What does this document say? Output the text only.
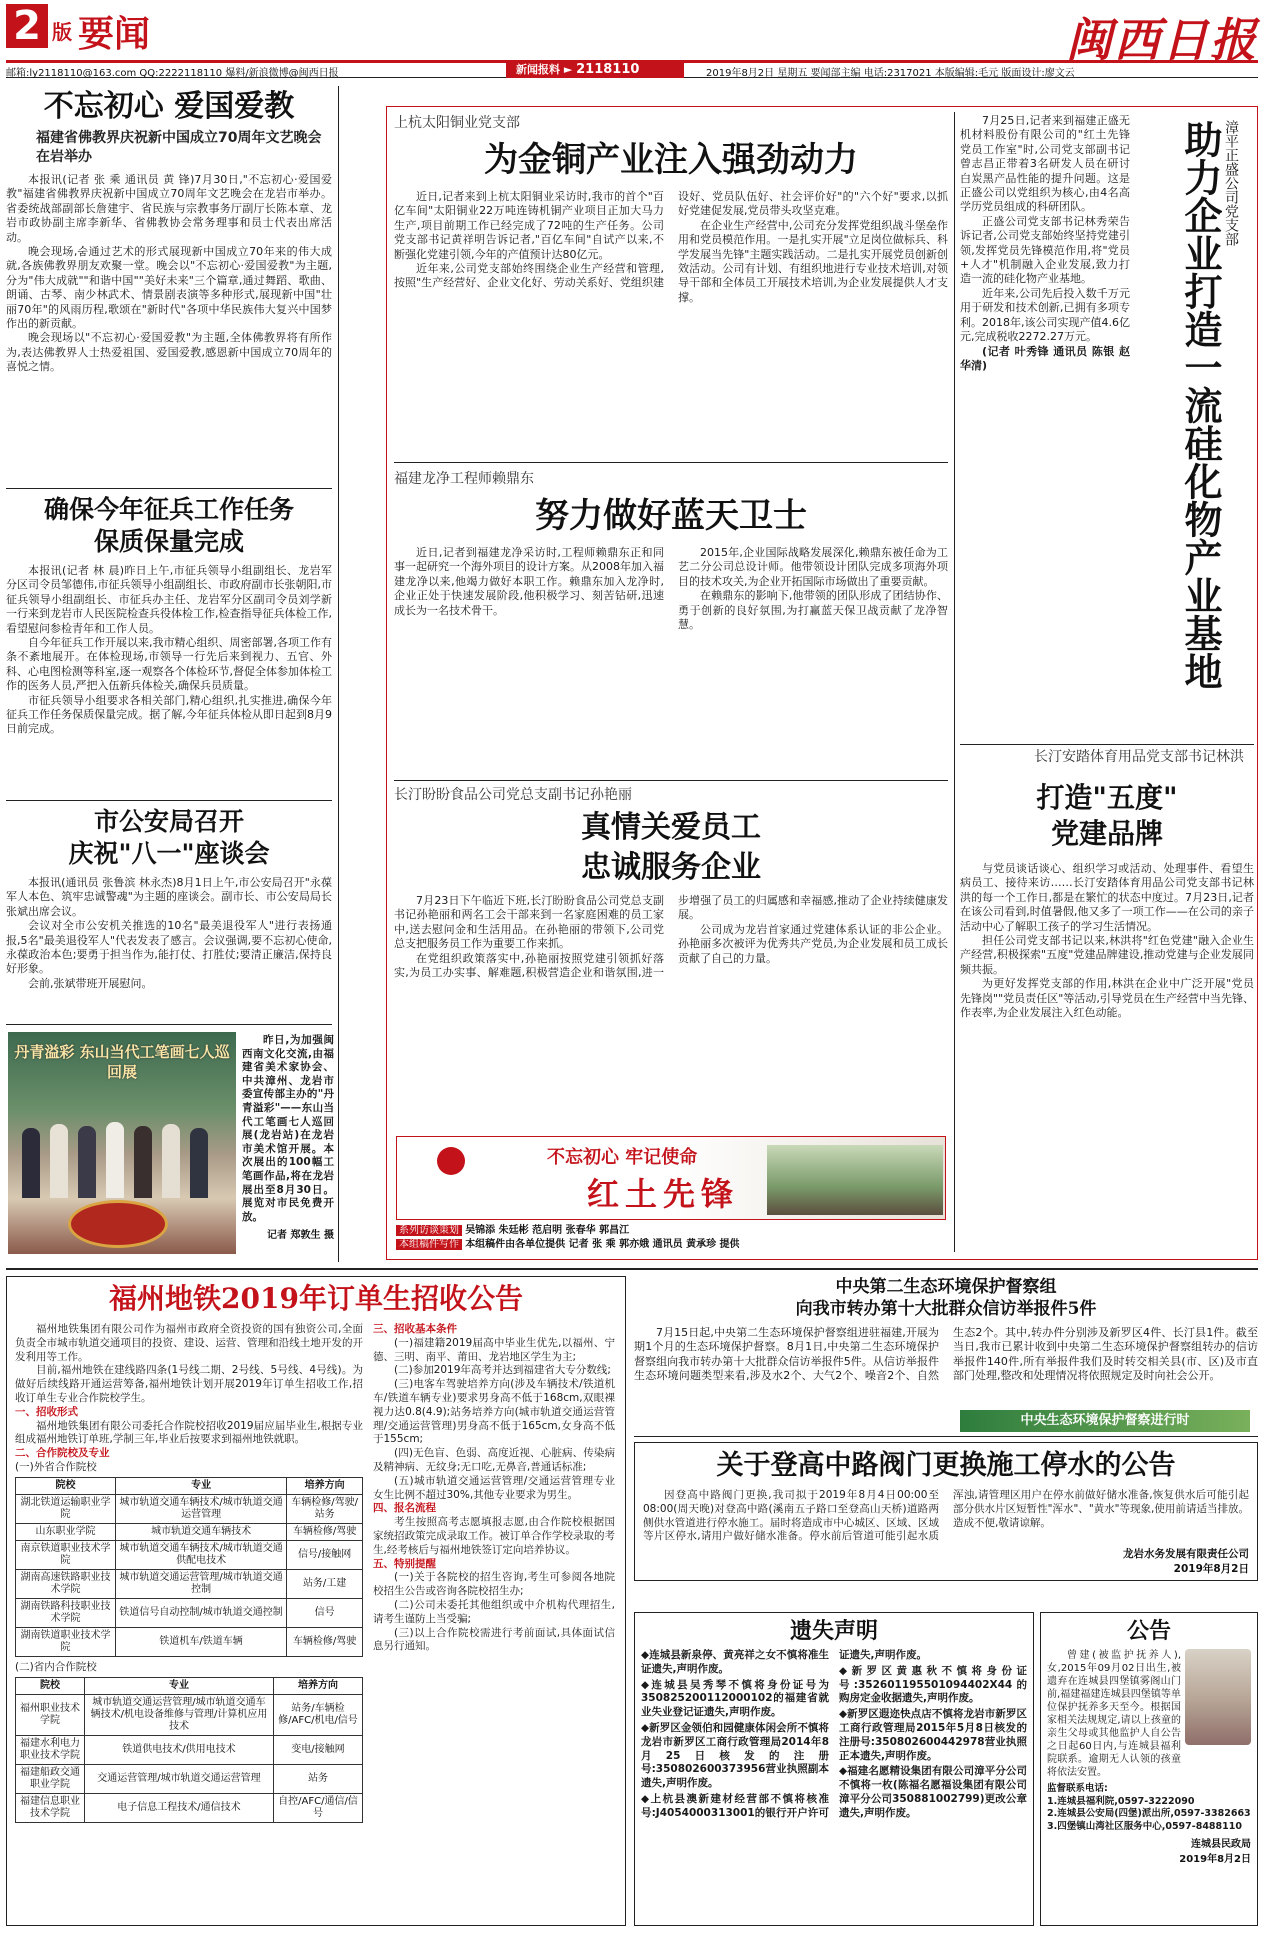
2 版 要闻	闽西日报
邮箱:ly2118110@163.com QQ:2222118110 爆料/新浪微博@闽西日报	新闻报料 ► 2118110	2019年8月2日 星期五 要闻部主编 电话:2317021 本版编辑:毛元 版面设计:廖文云
不忘初心 爱国爱教
福建省佛教界庆祝新中国成立70周年文艺晚会在岩举办

本报讯(记者 张 乘 通讯员 黄 锋)7月30日,"不忘初心·爱国爱教"福建省佛教界庆祝新中国成立70周年文艺晚会在龙岩市举办。省委统战部副部长詹建宇、省民族与宗教事务厅副厅长陈本章、龙岩市政协副主席李新华、省佛教协会常务理事和员士代表出席活动。

晚会现场,숨通过艺术的形式展现新中国成立70年来的伟大成就,各族佛教界朋友欢聚一堂。晚会以"不忘初心·爱国爱教"为主题,分为"伟大成就""和谐中国""美好未来"三个篇章,通过舞蹈、歌曲、朗诵、古琴、南少林武术、情景剧表演等多种形式,展现新中国"壮丽70年"的风雨历程,歌颂在"新时代"各项中华民族伟大复兴中国梦作出的新贡献。

晚会现场以"不忘初心·爱国爱教"为主题,全体佛教界将有所作为,表达佛教界人士热爱祖国、爱国爱教,感恩新中国成立70周年的喜悦之情。

确保今年征兵工作任务
保质保量完成

本报讯(记者 林 晨)昨日上午,市征兵领导小组副组长、龙岩军分区司令员邹德伟,市征兵领导小组副组长、市政府副市长张朝阳,市征兵领导小组副组长、市征兵办主任、龙岩军分区副司令员刘学新一行来到龙岩市人民医院检查兵役体检工作,检查指导征兵体检工作,看望慰问参检青年和工作人员。

自今年征兵工作开展以来,我市精心组织、周密部署,各项工作有条不紊地展开。在体检现场,市领导一行先后来到视力、五官、外科、心电图检测等科室,逐一观察各个体检环节,督促全体参加体检工作的医务人员,严把入伍新兵体检关,确保兵员质量。

市征兵领导小组要求各相关部门,精心组织,扎实推进,确保今年征兵工作任务保质保量完成。据了解,今年征兵体检从即日起到8月9日前完成。

市公安局召开
庆祝"八一"座谈会

本报讯(通讯员 张鲁滨 林永杰)8月1日上午,市公安局召开"永葆军人本色、筑牢忠诚警魂"为主题的座谈会。副市长、市公安局局长张斌出席会议。

会议对全市公安机关推选的10名"最美退役军人"进行表扬通报,5名"最美退役军人"代表发表了感言。会议强调,要不忘初心使命,永葆政治本色;要勇于担当作为,能打仗、打胜仗;要清正廉洁,保持良好形象。

会前,张斌带班开展慰问。

丹青溢彩 东山当代工笔画七人巡回展

昨日,为加强闽西南文化交流,由福建省美术家协会、中共漳州、龙岩市委宣传部主办的"丹青溢彩"——东山当代工笔画七人巡回展(龙岩站)在龙岩市美术馆开展。本次展出的100幅工笔画作品,将在龙岩展出至8月30日。展览对市民免费开放。

记者 郑敦生 摄
上杭太阳铜业党支部
为金铜产业注入强劲动力

近日,记者来到上杭太阳铜业采访时,我市的首个"百亿车间"太阳铜业22万吨连铸机铜产业项目正加大马力生产,项目前期工作已经完成了72吨的生产任务。公司党支部书记黄祥明告诉记者,"百亿车间"自试产以来,不断强化党建引领,今年的产值预计达80亿元。

近年来,公司党支部始终围绕企业生产经营和管理,按照"生产经营好、企业文化好、劳动关系好、党组织建设好、党员队伍好、社会评价好"的"六个好"要求,以抓好党建促发展,党员带头攻坚克难。

在企业生产经营中,公司充分发挥党组织战斗堡垒作用和党员模范作用。一是扎实开展"立足岗位做标兵、科学发展当先锋"主题实践活动。二是扎实开展党员创新创效活动。公司有计划、有组织地进行专业技术培训,对领导干部和全体员工开展技术培训,为企业发展提供人才支撑。

福建龙净工程师赖鼎东
努力做好蓝天卫士

近日,记者到福建龙净采访时,工程师赖鼎东正和同事一起研究一个海外项目的设计方案。从2008年加入福建龙净以来,他竭力做好本职工作。赖鼎东加入龙净时,企业正处于快速发展阶段,他积极学习、刻苦钻研,迅速成长为一名技术骨干。

2015年,企业国际战略发展深化,赖鼎东被任命为工艺二分公司总设计师。他带领设计团队完成多项海外项目的技术攻关,为企业开拓国际市场做出了重要贡献。

在赖鼎东的影响下,他带领的团队形成了团结协作、勇于创新的良好氛围,为打赢蓝天保卫战贡献了龙净智慧。

长汀盼盼食品公司党总支副书记孙艳丽
真情关爱员工
忠诚服务企业

7月23日下午临近下班,长汀盼盼食品公司党总支副书记孙艳丽和两名工会干部来到一名家庭困难的员工家中,送去慰问金和生活用品。在孙艳丽的带领下,公司党总支把服务员工作为重要工作来抓。

在党组织政策落实中,孙艳丽按照党建引领抓好落实,为员工办实事、解难题,积极营造企业和谐氛围,进一步增强了员工的归属感和幸福感,推动了企业持续健康发展。

公司成为龙岩首家通过党建体系认证的非公企业。孙艳丽多次被评为优秀共产党员,为企业发展和员工成长贡献了自己的力量。

不忘初心 牢记使命
红土先锋
系列访谈策划 吴锦添 朱廷彬 范启明 张春华 郭昌江
本组稿件写作 本组稿件由各单位提供 记者 张 乘 郭亦娥 通讯员 黄承珍 提供

7月25日,记者来到福建正盛无机材料股份有限公司的"红土先锋党员工作室"时,公司党支部副书记曾志昌正带着3名研发人员在研讨白炭黑产品性能的提升问题。这是正盛公司以党组织为核心,由4名高学历党员组成的科研团队。

正盛公司党支部书记林秀荣告诉记者,公司党支部始终坚持党建引领,发挥党员先锋模范作用,将"党员+人才"机制融入企业发展,致力打造一流的硅化物产业基地。

近年来,公司先后投入数千万元用于研发和技术创新,已拥有多项专利。2018年,该公司实现产值4.6亿元,完成税收2272.27万元。

(记者 叶秀锋 通讯员 陈银 赵 华清)	助力企业打造一流硅化物产业基地 漳平正盛公司党支部
长汀安踏体育用品党支部书记林洪
打造"五度"
党建品牌

与党员谈话谈心、组织学习或活动、处理事件、看望生病员工、接待来访……长汀安踏体育用品公司党支部书记林洪的每一个工作日,都是在繁忙的状态中度过。7月23日,记者在该公司看到,时值暑假,他又多了一项工作——在公司的亲子活动中心了解职工孩子的学习生活情况。

担任公司党支部书记以来,林洪将"红色党建"融入企业生产经营,积极探索"五度"党建品牌建设,推动党建与企业发展同频共振。

为更好发挥党支部的作用,林洪在企业中广泛开展"党员先锋岗""党员责任区"等活动,引导党员在生产经营中当先锋、作表率,为企业发展注入红色动能。

福州地铁2019年订单生招收公告

福州地铁集团有限公司作为福州市政府全资投资的国有独资公司,全面负责全市城市轨道交通项目的投资、建设、运营、管理和沿线土地开发的开发利用等工作。

目前,福州地铁在建线路四条(1号线二期、2号线、5号线、4号线)。为做好后续线路开通运营筹备,福州地铁计划开展2019年订单生招收工作,招收订单生专业合作院校学生。

一、招收形式

福州地铁集团有限公司委托合作院校招收2019届应届毕业生,根据专业组成福州地铁订单班,学制三年,毕业后按要求到福州地铁就职。

二、合作院校及专业

(一)外省合作院校

院校	专业	培养方向
湖北铁道运输职业学院	城市轨道交通车辆技术/城市轨道交通运营管理	车辆检修/驾驶/站务
山东职业学院	城市轨道交通车辆技术	车辆检修/驾驶
南京铁道职业技术学院	城市轨道交通车辆技术/城市轨道交通供配电技术	信号/接触网
湖南高速铁路职业技术学院	城市轨道交通运营管理/城市轨道交通控制	站务/工建
湖南铁路科技职业技术学院	铁道信号自动控制/城市轨道交通控制	信号
湖南铁道职业技术学院	铁道机车/铁道车辆	车辆检修/驾驶

(二)省内合作院校

院校	专业	培养方向
福州职业技术学院	城市轨道交通运营管理/城市轨道交通车辆技术/机电设备维修与管理/计算机应用技术	站务/车辆检修/AFC/机电/信号
福建水利电力职业技术学院	铁道供电技术/供用电技术	变电/接触网
福建船政交通职业学院	交通运营管理/城市轨道交通运营管理	站务
福建信息职业技术学院	电子信息工程技术/通信技术	自控/AFC/通信/信号

三、招收基本条件

(一)福建籍2019届高中毕业生优先,以福州、宁德、三明、南平、莆田、龙岩地区学生为主;

(二)参加2019年高考并达到福建省大专分数线;

(三)电客车驾驶培养方向(涉及车辆技术/铁道机车/铁道车辆专业)要求男身高不低于168cm,双眼裸视力达0.8(4.9);站务培养方向(城市轨道交通运营管理/交通运营管理)男身高不低于165cm,女身高不低于155cm;

(四)无色盲、色弱、高度近视、心脏病、传染病及精神病、无纹身;无口吃,无鼻音,普通话标准;

(五)城市轨道交通运营管理/交通运营管理专业女生比例不超过30%,其他专业要求为男生。

四、报名流程

考生按照高考志愿填报志愿,由合作院校根据国家统招政策完成录取工作。被订单合作学校录取的考生,经考核后与福州地铁签订定向培养协议。

五、特别提醒

(一)关于各院校的招生咨询,考生可参阅各地院校招生公告或咨询各院校招生办;

(二)公司未委托其他组织或中介机构代理招生,请考生谨防上当受骗;

(三)以上合作院校需进行考前面试,具体面试信息另行通知。

中央第二生态环境保护督察组
向我市转办第十大批群众信访举报件5件

7月15日起,中央第二生态环境保护督察组进驻福建,开展为期1个月的生态环境保护督察。8月1日,中央第二生态环境保护督察组向我市转办第十大批群众信访举报件5件。从信访举报件生态环境问题类型来看,涉及水2个、大气2个、噪音2个、自然生态2个。其中,转办件分别涉及新罗区4件、长汀县1件。截至当日,我市已累计收到中央第二生态环境保护督察组转办的信访举报件140件,所有举报件我们及时转交相关县(市、区)及市直部门处理,整改和处理情况将依照规定及时向社会公开。

中央生态环境保护督察进行时
关于登高中路阀门更换施工停水的公告

因登高中路阀门更换,我司拟于2019年8月4日00:00至08:00(周天晚)对登高中路(溪南五子路口至登高山天桥)道路两侧供水管道进行停水施工。届时将造成市中心城区、区域、区域等片区停水,请用户做好储水准备。停水前后管道可能引起水质浑浊,请管理区用户在停水前做好储水准备,恢复供水后可能引起部分供水片区短暂性"浑水"、"黄水"等现象,使用前请适当排放。造成不便,敬请谅解。

龙岩水务发展有限责任公司
2019年8月2日
遗失声明

◆连城县新泉停、黄亮祥之女不慎将准生证遗失,声明作废。

◆连城县吴秀琴不慎将身份证号为350825200112000102的福建省就业失业登记证遗失,声明作废。

◆新罗区金领伯和园健康体闲会所不慎将龙岩市新罗区工商行政管理局2014年8月25日核发的注册号:350802600373956营业执照副本遗失,声明作废。

◆上杭县澳新建材经营部不慎将核准号:J4054000313001的银行开户许可证遗失,声明作废。

◆新罗区黄惠秋不慎将身份证号:352601195501094402X44的购房定金收据遗失,声明作废。

◆新罗区遐迩快点店不慎将龙岩市新罗区工商行政管理局2015年5月8日核发的注册号:350802600442978营业执照正本遗失,声明作废。

◆福建名愿精设集团有限公司漳平分公司不慎将一枚(陈福名愿福设集团有限公司漳平分公司350881002799)更改公章遗失,声明作废。

公告

曾建(被监护抚养人),女,2015年09月02日出生,被遗弃在连城县四堡镇雾阁山门前,福建福建连城县四堡镇等单位保护抚养多天至今。根据国家相关法规规定,请以上孩童的亲生父母或其他监护人自公告之日起60日内,与连城县福利院联系。逾期无人认领的孩童将依法安置。

监督联系电话:

1.连城县福利院,0597-3222090

2.连城县公安局(四堡)派出所,0597-3382663

3.四堡镇山湾社区服务中心,0597-8488110

连城县民政局
2019年8月2日
